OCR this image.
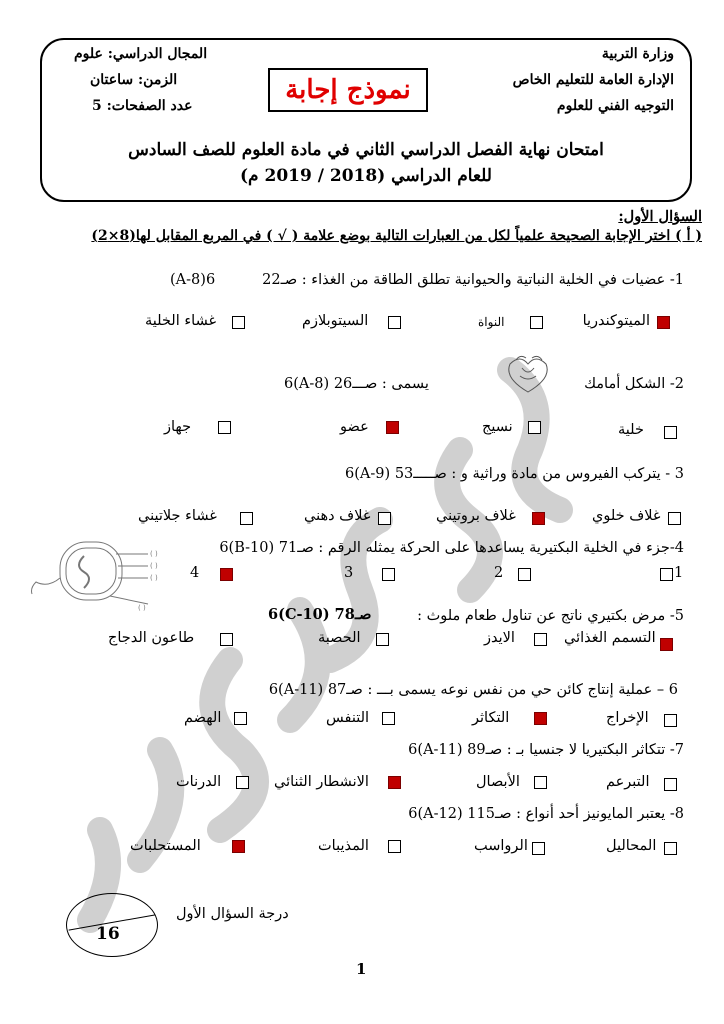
وزارة التربية
الإدارة العامة للتعليم الخاص
التوجيه الفني للعلوم
المجال الدراسي: علوم
الزمن: ساعتان
عدد الصفحات: 5
نموذج إجابة
امتحان نهاية الفصل الدراسي الثاني في مادة العلوم للصف السادس
للعام الدراسي (2018 / 2019 م)
السؤال الأول:
( أ ) اختر الإجابة الصحيحة علمياً لكل من العبارات التالية بوضع علامة ( √ ) في المربع المقابل لها(8×2)
1- عضيات في الخلية النباتية والحيوانية تطلق الطاقة من الغذاء : صـ22
6(A-8)
الميتوكندريا
النواة
السيتوبلازم
غشاء الخلية
2- الشكل أمامك
يسمى : صـــ26 (8-A)6
خلية
نسيج
عضو
جهاز
3 - يتركب الفيروس من مادة وراثية و : صـــــ53 (A-9)6
غلاف خلوي
غلاف بروتيني
غلاف دهني
غشاء جلاتيني
( )
( )
( )
( )
4-جزء في الخلية البكتيرية يساعدها على الحركة يمثله الرقم : صـ71 (B-10)6
1
2
3
4
5- مرض بكتيري ناتج عن تناول طعام ملوث :
صـ78 (C-10)6
التسمم الغذائي
الايدز
الحصبة
طاعون الدجاج
6 – عملية إنتاج كائن حي من نفس نوعه يسمى بـــ : صـ87 (A-11)6
الإخراج
التكاثر
التنفس
الهضم
7- تتكاثر البكتيريا لا جنسيا بـ : صـ89 (A-11)6
التبرعم
الأبصال
الانشطار الثنائي
الدرنات
8- يعتبر المايونيز أحد أنواع : صـ115 (A-12)6
المحاليل
الرواسب
المذيبات
المستحلبات
درجة السؤال الأول
16
1
